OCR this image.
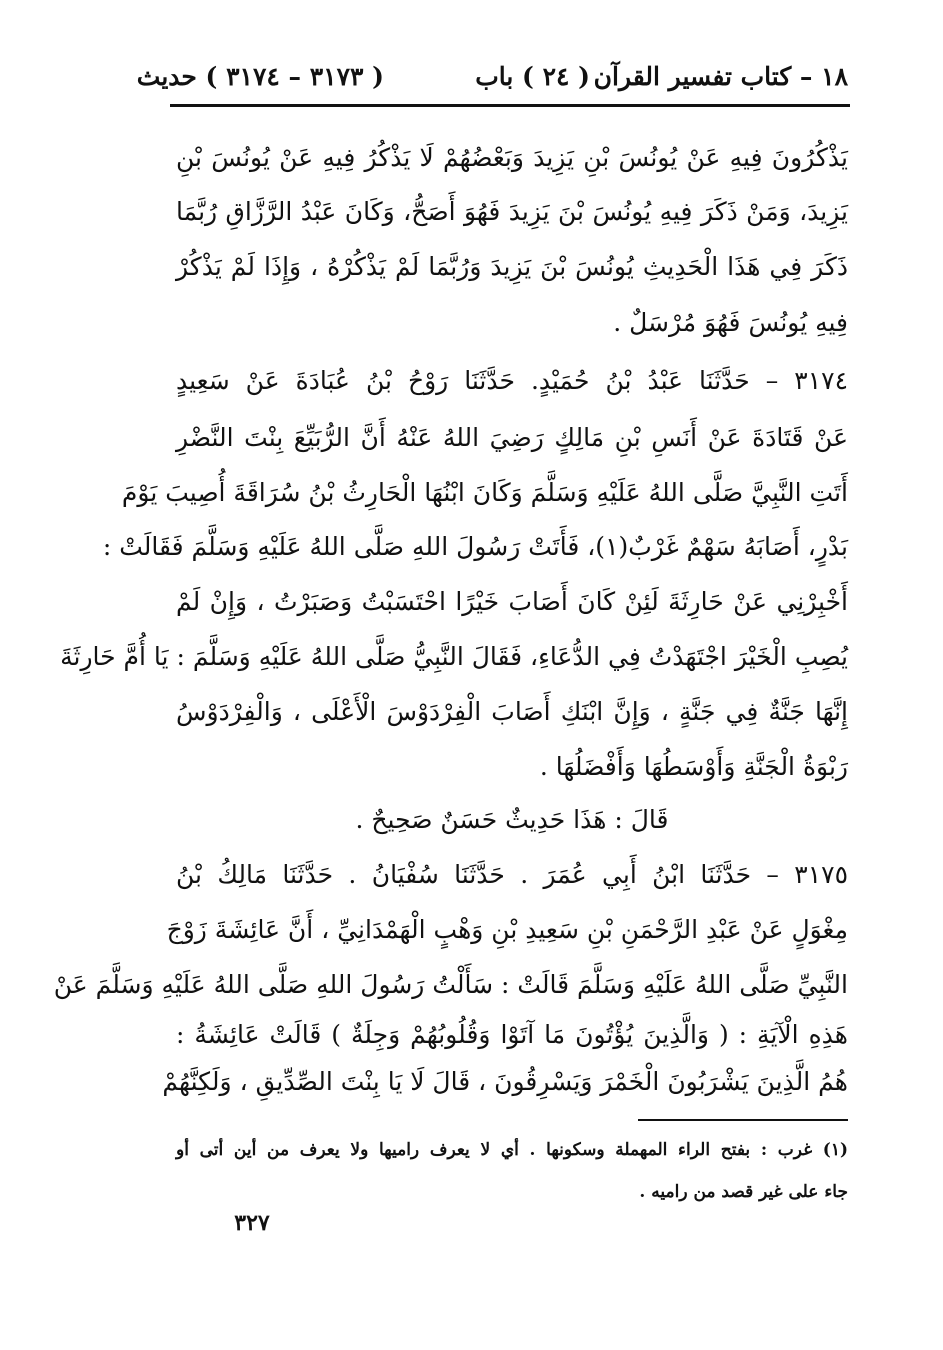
١٨ – كتاب تفسير القرآن
( ٢٤ ) باب
( ٣١٧٣ – ٣١٧٤ ) حديث
يَذْكُرُونَ فِيهِ عَنْ يُونُسَ بْنِ يَزِيدَ وَبَعْضُهُمْ لَا يَذْكُرُ فِيهِ عَنْ يُونُسَ بْنِ
يَزِيدَ، وَمَنْ ذَكَرَ فِيهِ يُونُسَ بْنَ يَزِيدَ فَهُوَ أَصَحُّ، وَكَانَ عَبْدُ الرَّزَّاقِ رُبَّمَا
ذَكَرَ فِي هَذَا الْحَدِيثِ يُونُسَ بْنَ يَزِيدَ وَرُبَّمَا لَمْ يَذْكُرْهُ ، وَإِذَا لَمْ يَذْكُرْ
فِيهِ يُونُسَ فَهُوَ مُرْسَلٌ .
٣١٧٤ – حَدَّثَنَا عَبْدُ بْنُ حُمَيْدٍ. حَدَّثَنَا رَوْحُ بْنُ عُبَادَةَ عَنْ سَعِيدٍ
عَنْ قَتَادَةَ عَنْ أَنَسِ بْنِ مَالِكٍ رَضِيَ اللهُ عَنْهُ أَنَّ الرُّبَيِّعَ بِنْتَ النَّضْرِ
أَتَتِ النَّبِيَّ صَلَّى اللهُ عَلَيْهِ وَسَلَّمَ وَكَانَ ابْنُهَا الْحَارِثُ بْنُ سُرَاقَةَ أُصِيبَ يَوْمَ
بَدْرٍ، أَصَابَهُ سَهْمٌ غَرْبٌ(١)، فَأَتَتْ رَسُولَ اللهِ صَلَّى اللهُ عَلَيْهِ وَسَلَّمَ فَقَالَتْ :
أَخْبِرْنِي عَنْ حَارِثَةَ لَئِنْ كَانَ أَصَابَ خَيْرًا احْتَسَبْتُ وَصَبَرْتُ ، وَإِنْ لَمْ
يُصِبِ الْخَيْرَ اجْتَهَدْتُ فِي الدُّعَاءِ، فَقَالَ النَّبِيُّ صَلَّى اللهُ عَلَيْهِ وَسَلَّمَ : يَا أُمَّ حَارِثَةَ
إِنَّهَا جَنَّةٌ فِي جَنَّةٍ ، وَإِنَّ ابْنَكِ أَصَابَ الْفِرْدَوْسَ الْأَعْلَى ، وَالْفِرْدَوْسُ
رَبْوَةُ الْجَنَّةِ وَأَوْسَطُهَا وَأَفْضَلُهَا .
قَالَ : هَذَا حَدِيثٌ حَسَنٌ صَحِيحٌ .
٣١٧٥ – حَدَّثَنَا ابْنُ أَبِي عُمَرَ . حَدَّثَنَا سُفْيَانُ . حَدَّثَنَا مَالِكُ بْنُ
مِغْوَلٍ عَنْ عَبْدِ الرَّحْمَنِ بْنِ سَعِيدِ بْنِ وَهْبٍ الْهَمْدَانِيِّ ، أَنَّ عَائِشَةَ زَوْجَ
النَّبِيِّ صَلَّى اللهُ عَلَيْهِ وَسَلَّمَ قَالَتْ : سَأَلْتُ رَسُولَ اللهِ صَلَّى اللهُ عَلَيْهِ وَسَلَّمَ عَنْ
هَذِهِ الْآيَةِ : ( وَالَّذِينَ يُؤْتُونَ مَا آتَوْا وَقُلُوبُهُمْ وَجِلَةٌ ) قَالَتْ عَائِشَةُ :
هُمُ الَّذِينَ يَشْرَبُونَ الْخَمْرَ وَيَسْرِقُونَ ، قَالَ لَا يَا بِنْتَ الصِّدِّيقِ ، وَلَكِنَّهُمْ
(١) غرب : بفتح الراء المهملة وسكونها . أي لا يعرف راميها ولا يعرف من أين أتى أو
جاء على غير قصد من راميه .
٣٢٧
